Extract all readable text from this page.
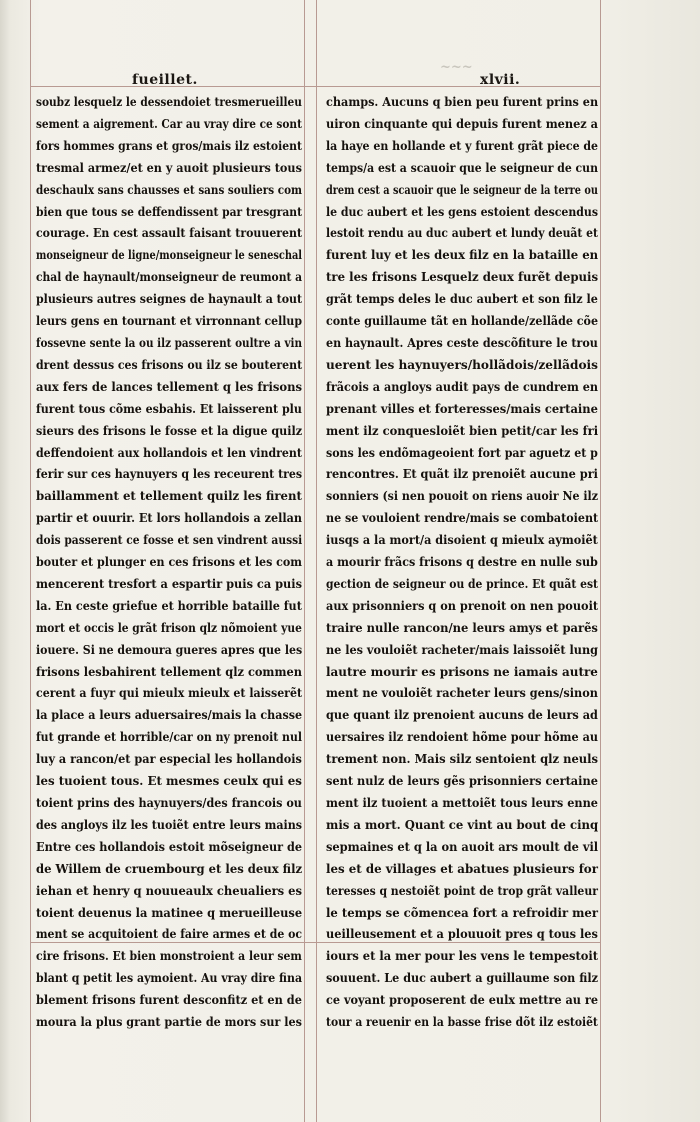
~~~
fueillet.	xlvii.
soubz lesquelz le dessendoiet tresmerueilleu
sement a aigrement. Car au vray dire ce sont
fors hommes grans et gros/mais ilz estoient
tresmal armez/et en y auoit plusieurs tous
deschaulx sans chausses et sans souliers com
bien que tous se deffendissent par tresgrant
courage. En cest assault faisant trouuerent
monseigneur de ligne/monseigneur le seneschal
chal de haynault/monseigneur de reumont a
plusieurs autres seignes de haynault a tout
leurs gens en tournant et virronnant cellup
fossevne sente la ou ilz passerent oultre a vin
drent dessus ces frisons ou ilz se bouterent
aux fers de lances tellement q les frisons
furent tous cõme esbahis. Et laisserent plu
sieurs des frisons le fosse et la digue quilz
deffendoient aux hollandois et len vindrent
ferir sur ces haynuyers q les receurent tres
baillamment et tellement quilz les firent
partir et ouurir. Et lors hollandois a zellan
dois passerent ce fosse et sen vindrent aussi
bouter et plunger en ces frisons et les com
mencerent tresfort a espartir puis ca puis
la. En ceste griefue et horrible bataille fut
mort et occis le grãt frison qlz nõmoient yue
iouere. Si ne demoura gueres apres que les
frisons lesbahirent tellement qlz commen
cerent a fuyr qui mieulx mieulx et laisserẽt
la place a leurs aduersaires/mais la chasse
fut grande et horrible/car on ny prenoit nul
luy a rancon/et par especial les hollandois
les tuoient tous. Et mesmes ceulx qui es
toient prins des haynuyers/des francois ou
des angloys ilz les tuoiẽt entre leurs mains
Entre ces hollandois estoit mõseigneur de
de Willem de cruembourg et les deux filz
iehan et henry q nouueaulx cheualiers es
toient deuenus la matinee q merueilleuse
ment se acquitoient de faire armes et de oc
cire frisons. Et bien monstroient a leur sem
blant q petit les aymoient. Au vray dire fina
blement frisons furent desconfitz et en de
moura la plus grant partie de mors sur les
champs. Aucuns q bien peu furent prins en
uiron cinquante qui depuis furent menez a
la haye en hollande et y furent grãt piece de
temps/a est a scauoir que le seigneur de cun
drem cest a scauoir que le seigneur de la terre ou
le duc aubert et les gens estoient descendus
lestoit rendu au duc aubert et lundy deuãt et
furent luy et les deux filz en la bataille en
tre les frisons Lesquelz deux furẽt depuis
grãt temps deles le duc aubert et son filz le
conte guillaume tãt en hollande/zellãde cõe
en haynault. Apres ceste descõfiture le trou
uerent les haynuyers/hollãdois/zellãdois
frãcois a angloys audit pays de cundrem en
prenant villes et forteresses/mais certaine
ment ilz conquesloiẽt bien petit/car les fri
sons les endõmageoient fort par aguetz et p
rencontres. Et quãt ilz prenoiẽt aucune pri
sonniers (si nen pouoit on riens auoir Ne ilz
ne se vouloient rendre/mais se combatoient
iusqs a la mort/a disoient q mieulx aymoiẽt
a mourir frãcs frisons q destre en nulle sub
gection de seigneur ou de prince. Et quãt est
aux prisonniers q on prenoit on nen pouoit
traire nulle rancon/ne leurs amys et parẽs
ne les vouloiẽt racheter/mais laissoiẽt lung
lautre mourir es prisons ne iamais autre
ment ne vouloiẽt racheter leurs gens/sinon
que quant ilz prenoient aucuns de leurs ad
uersaires ilz rendoient hõme pour hõme au
trement non. Mais silz sentoient qlz neuls
sent nulz de leurs gẽs prisonniers certaine
ment ilz tuoient a mettoiẽt tous leurs enne
mis a mort. Quant ce vint au bout de cinq
sepmaines et q la on auoit ars moult de vil
les et de villages et abatues plusieurs for
teresses q nestoiẽt point de trop grãt valleur
le temps se cõmencea fort a refroidir mer
ueilleusement et a plouuoit pres q tous les
iours et la mer pour les vens le tempestoit
souuent. Le duc aubert a guillaume son filz
ce voyant proposerent de eulx mettre au re
tour a reuenir en la basse frise dõt ilz estoiẽt
